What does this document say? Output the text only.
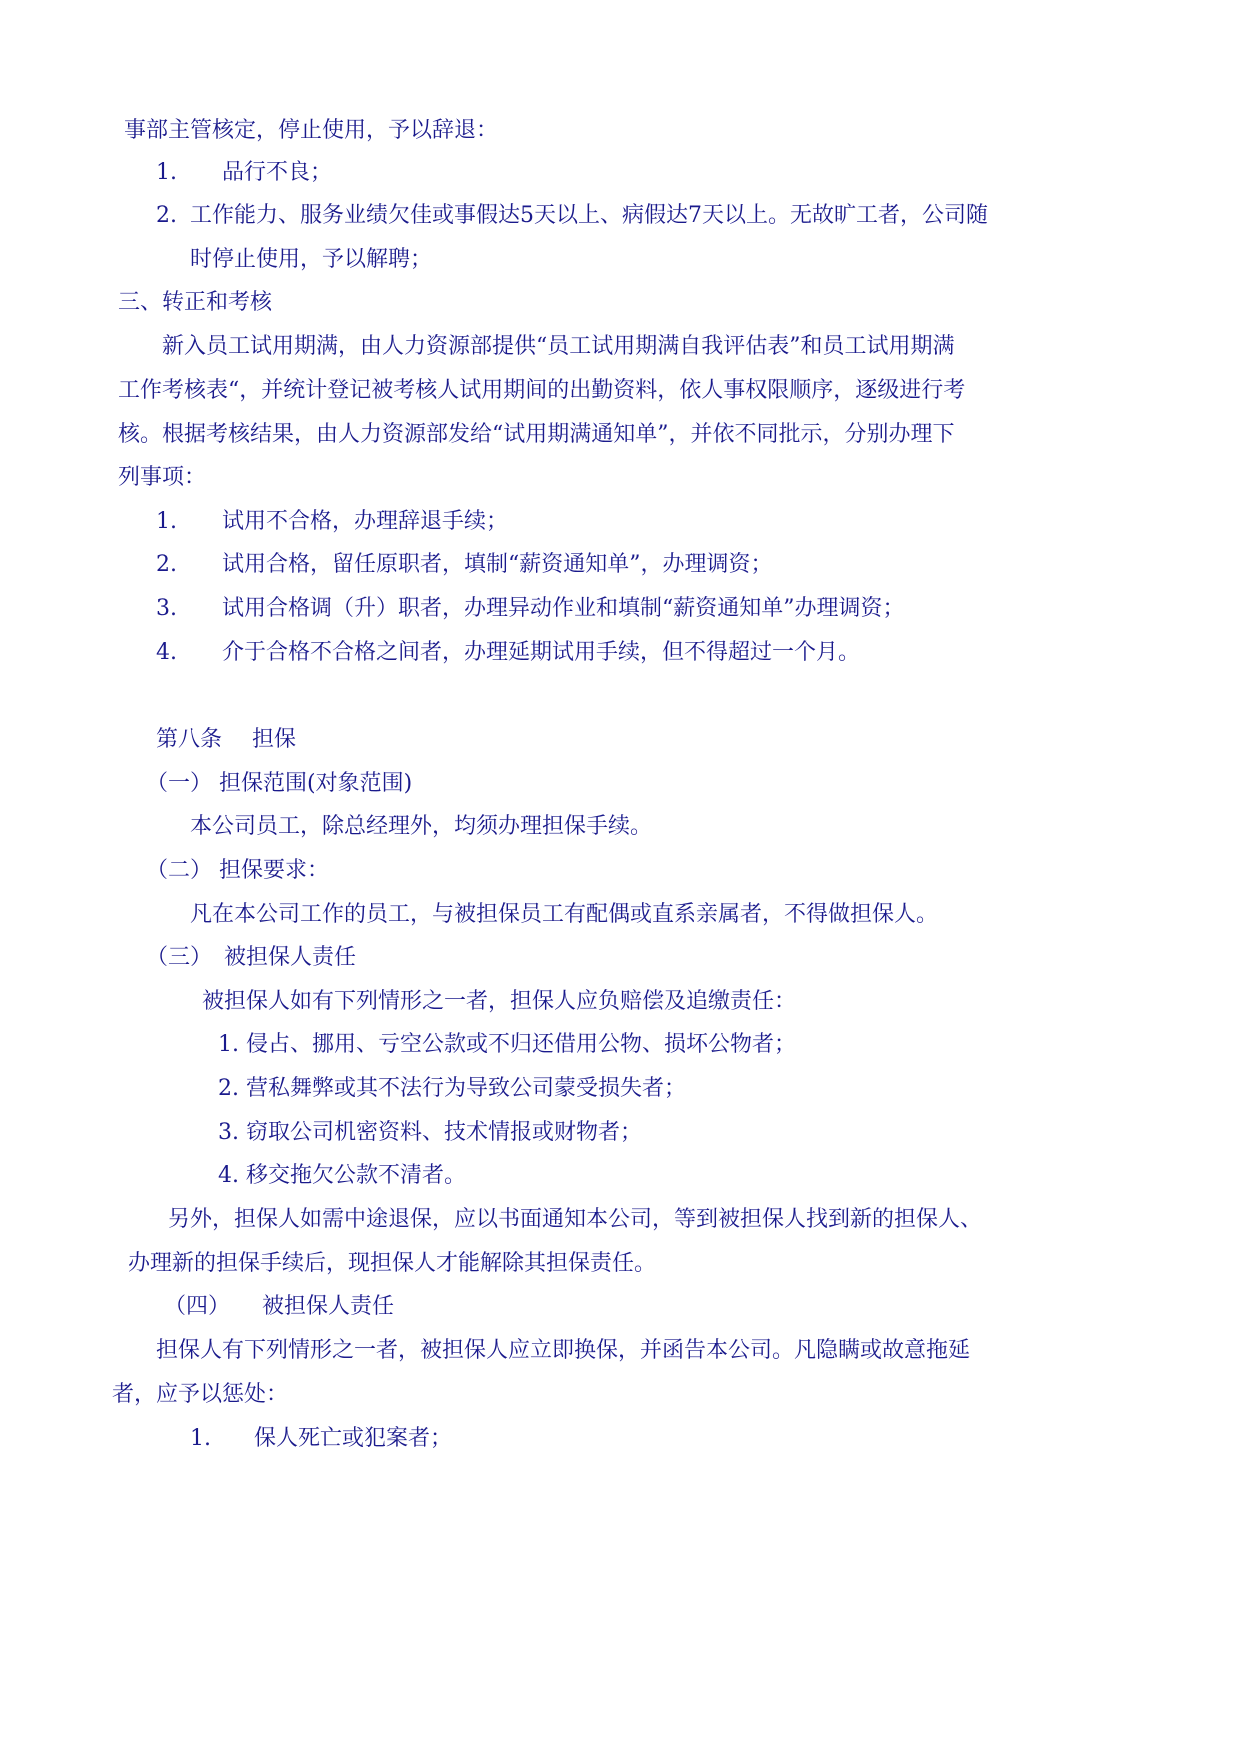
事部主管核定，停止使用，予以辞退：
1. 品行不良；
2. 工作能力、服务业绩欠佳或事假达5天以上、病假达7天以上。无故旷工者，公司随
时停止使用，予以解聘；
三、转正和考核
新入员工试用期满，由人力资源部提供“员工试用期满自我评估表”和员工试用期满
工作考核表“，并统计登记被考核人试用期间的出勤资料，依人事权限顺序，逐级进行考
核。根据考核结果，由人力资源部发给“试用期满通知单”，并依不同批示，分别办理下
列事项：
1. 试用不合格，办理辞退手续；
2. 试用合格，留任原职者，填制“薪资通知单”，办理调资；
3. 试用合格调（升）职者，办理异动作业和填制“薪资通知单”办理调资；
4. 介于合格不合格之间者，办理延期试用手续，但不得超过一个月。
第八条 担保
（一） 担保范围(对象范围)
本公司员工，除总经理外，均须办理担保手续。
（二） 担保要求：
凡在本公司工作的员工，与被担保员工有配偶或直系亲属者，不得做担保人。
（三） 被担保人责任
被担保人如有下列情形之一者，担保人应负赔偿及追缴责任：
1. 侵占、挪用、亏空公款或不归还借用公物、损坏公物者；
2. 营私舞弊或其不法行为导致公司蒙受损失者；
3. 窃取公司机密资料、技术情报或财物者；
4. 移交拖欠公款不清者。
另外，担保人如需中途退保，应以书面通知本公司，等到被担保人找到新的担保人、
办理新的担保手续后，现担保人才能解除其担保责任。
（四） 被担保人责任
担保人有下列情形之一者，被担保人应立即换保，并函告本公司。凡隐瞒或故意拖延
者，应予以惩处：
1. 保人死亡或犯案者；
